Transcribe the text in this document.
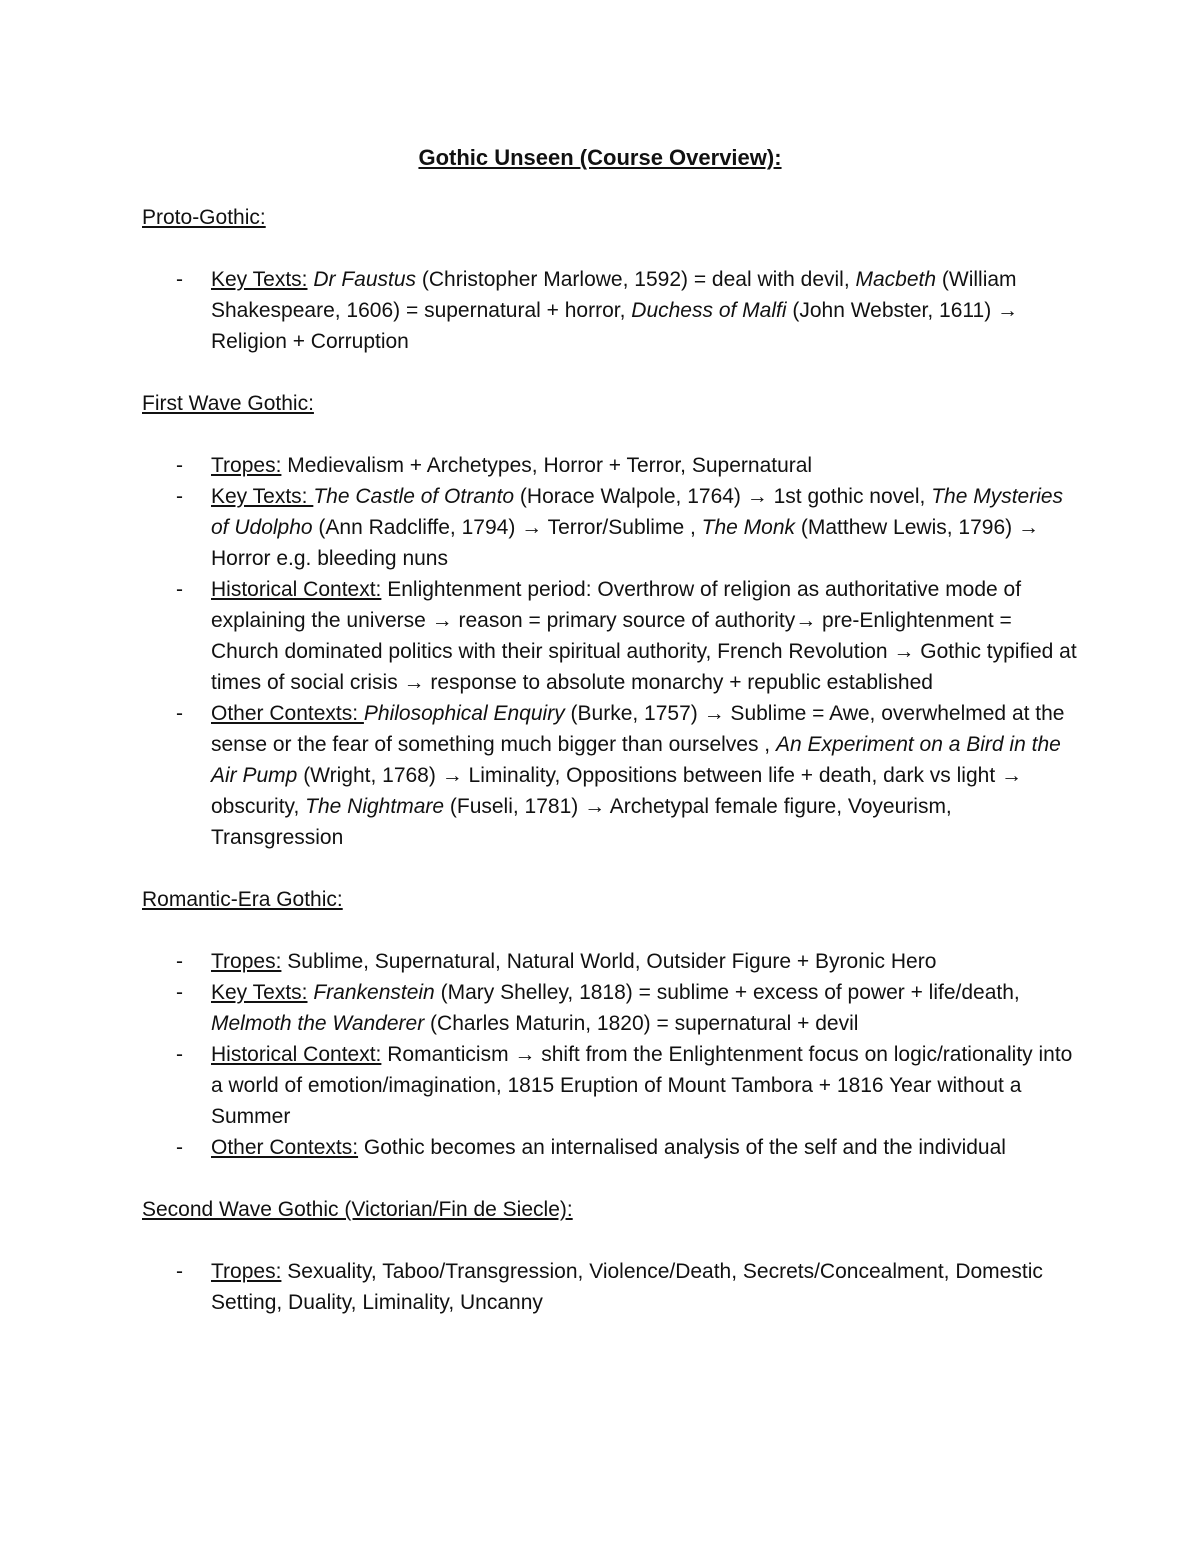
Gothic Unseen (Course Overview):
Proto-Gothic:
- Key Texts: Dr Faustus (Christopher Marlowe, 1592) = deal with devil, Macbeth (William Shakespeare, 1606) = supernatural + horror, Duchess of Malfi (John Webster, 1611) → Religion + Corruption
First Wave Gothic:
- Tropes: Medievalism + Archetypes, Horror + Terror, Supernatural
- Key Texts: The Castle of Otranto (Horace Walpole, 1764) → 1st gothic novel, The Mysteries of Udolpho (Ann Radcliffe, 1794) → Terror/Sublime , The Monk (Matthew Lewis, 1796) → Horror e.g. bleeding nuns
- Historical Context: Enlightenment period: Overthrow of religion as authoritative mode of explaining the universe → reason = primary source of authority→ pre-Enlightenment = Church dominated politics with their spiritual authority, French Revolution → Gothic typified at times of social crisis → response to absolute monarchy + republic established
- Other Contexts: Philosophical Enquiry (Burke, 1757) → Sublime = Awe, overwhelmed at the sense or the fear of something much bigger than ourselves , An Experiment on a Bird in the Air Pump (Wright, 1768) → Liminality, Oppositions between life + death, dark vs light → obscurity, The Nightmare (Fuseli, 1781) → Archetypal female figure, Voyeurism, Transgression
Romantic-Era Gothic:
- Tropes: Sublime, Supernatural, Natural World, Outsider Figure + Byronic Hero
- Key Texts: Frankenstein (Mary Shelley, 1818) = sublime + excess of power + life/death, Melmoth the Wanderer (Charles Maturin, 1820) = supernatural + devil
- Historical Context: Romanticism → shift from the Enlightenment focus on logic/rationality into a world of emotion/imagination, 1815 Eruption of Mount Tambora + 1816 Year without a Summer
- Other Contexts: Gothic becomes an internalised analysis of the self and the individual
Second Wave Gothic (Victorian/Fin de Siecle):
- Tropes: Sexuality, Taboo/Transgression, Violence/Death, Secrets/Concealment, Domestic Setting, Duality, Liminality, Uncanny
